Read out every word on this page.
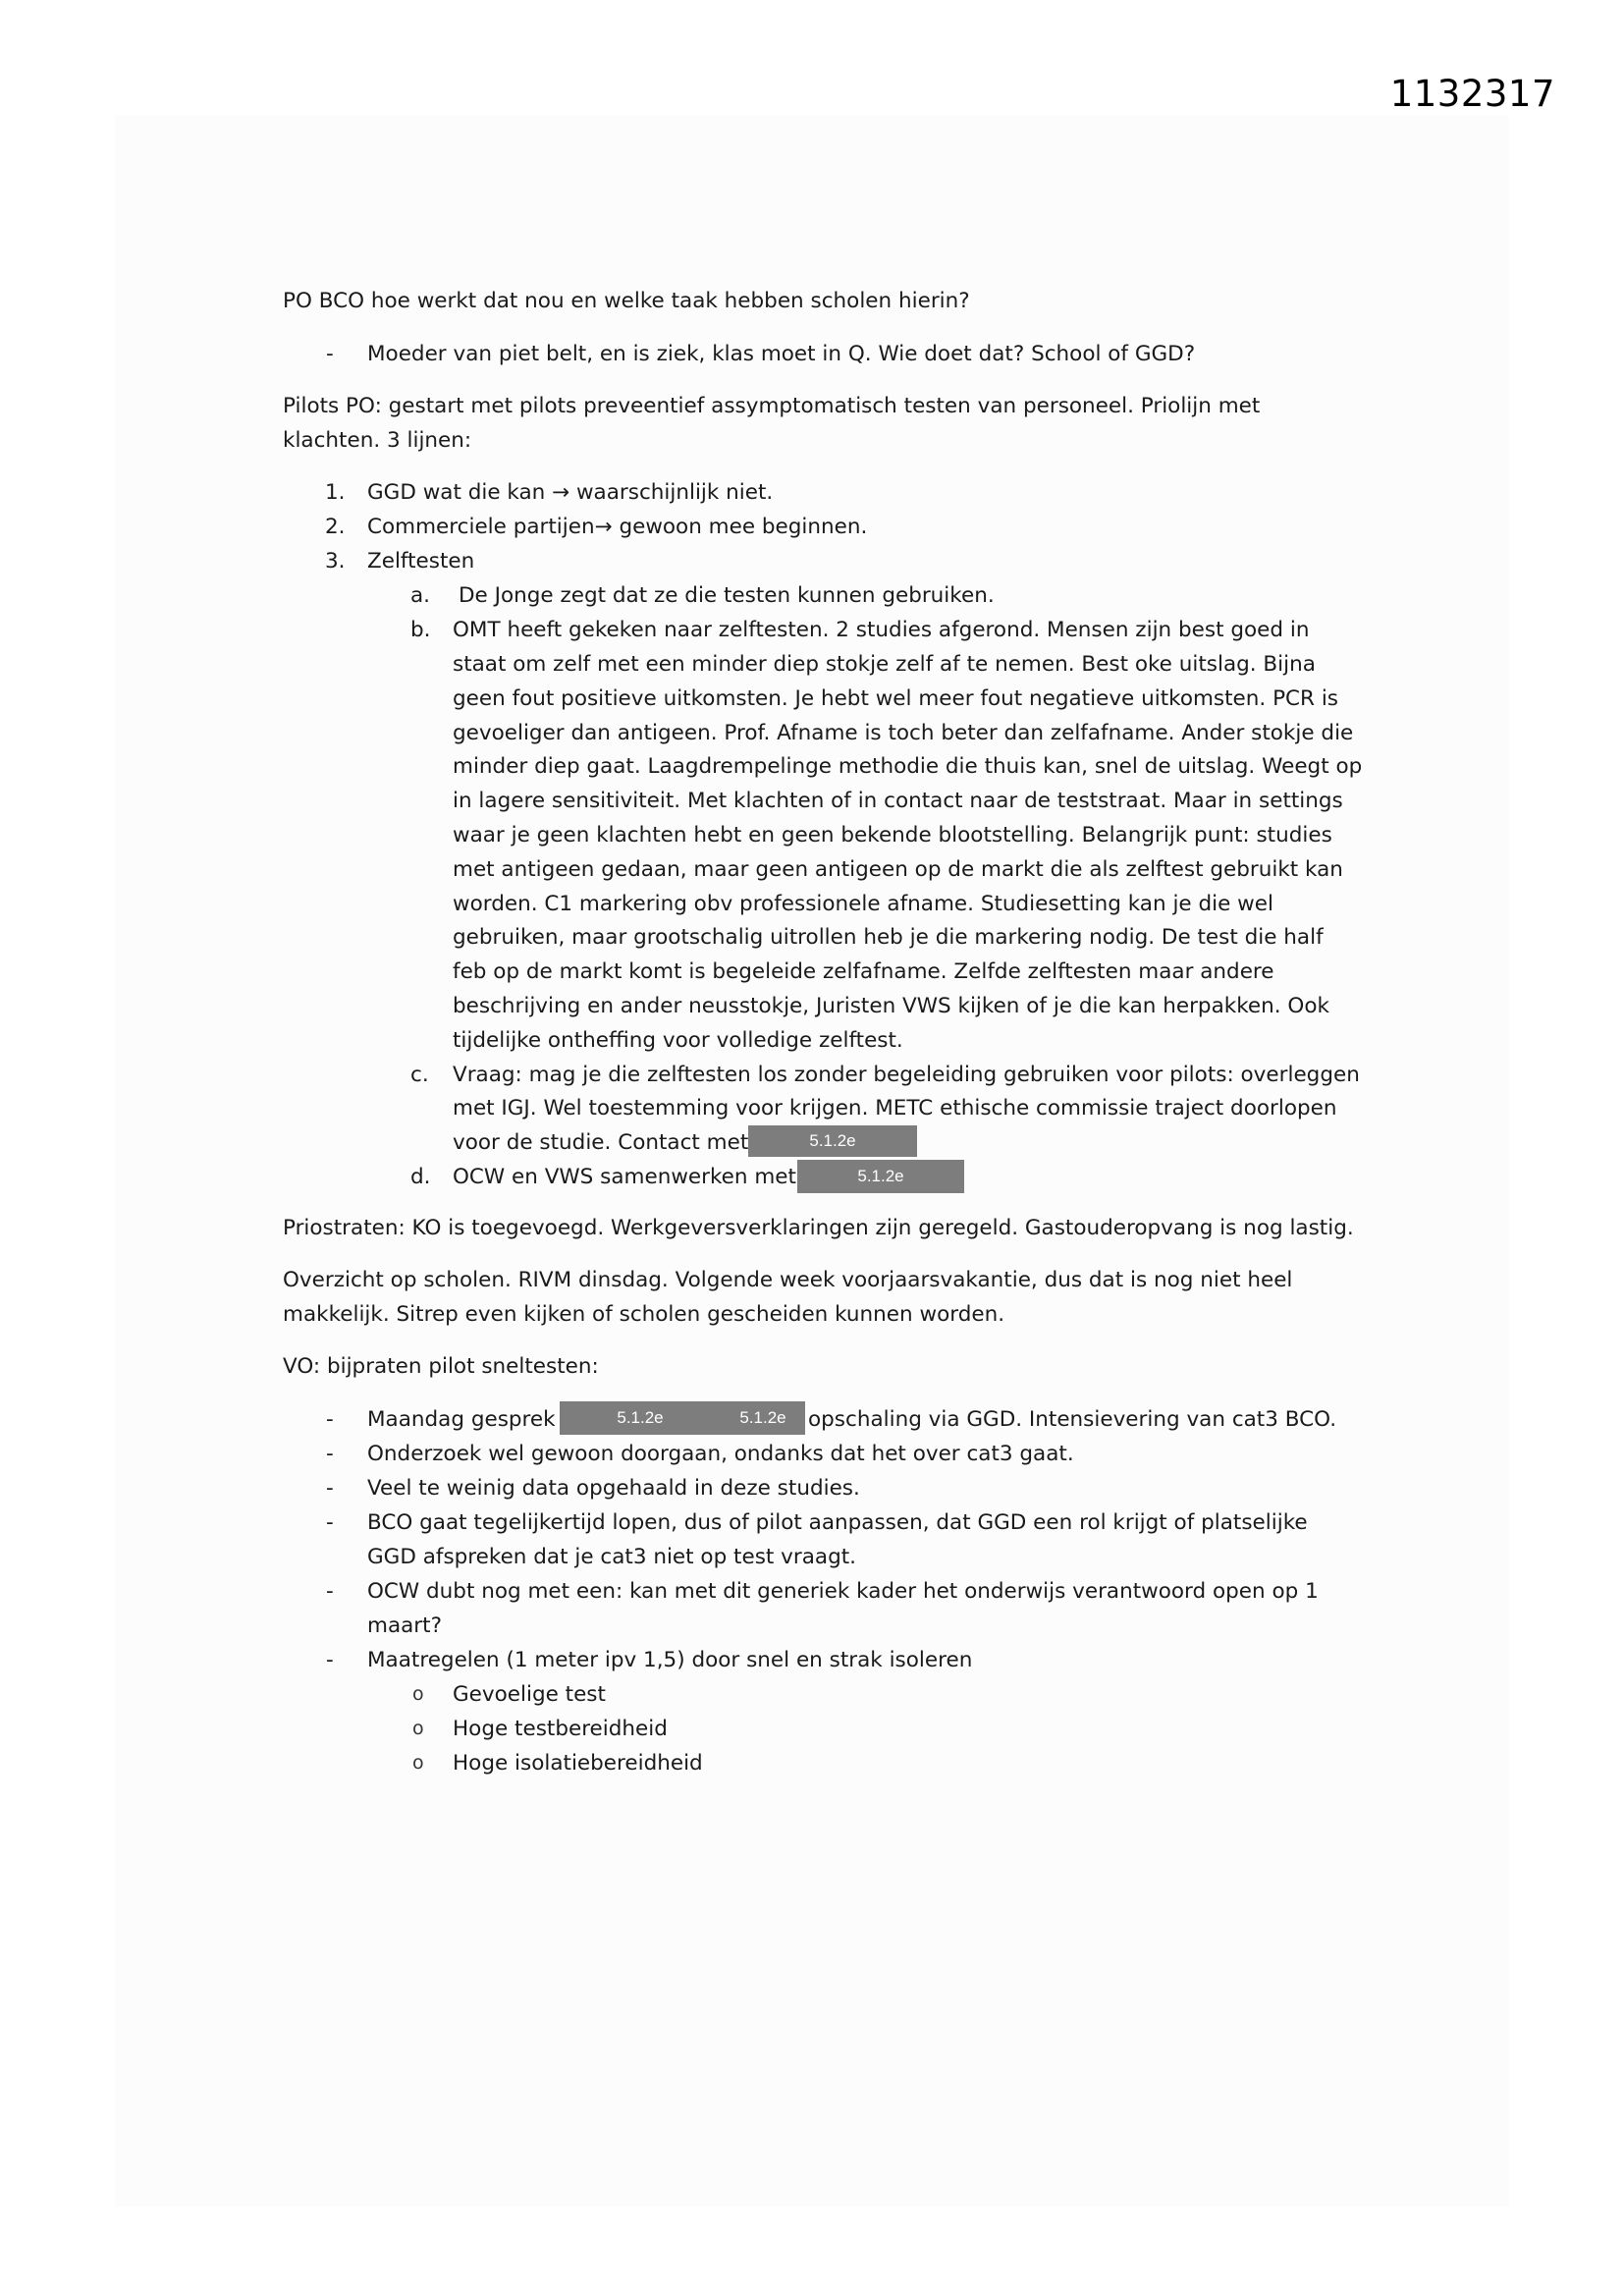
1132317
PO BCO hoe werkt dat nou en welke taak hebben scholen hierin?
- Moeder van piet belt, en is ziek, klas moet in Q. Wie doet dat? School of GGD?
Pilots PO: gestart met pilots preveentief assymptomatisch testen van personeel. Priolijn met
klachten. 3 lijnen:
1. GGD wat die kan → waarschijnlijk niet.
2. Commerciele partijen→ gewoon mee beginnen.
3. Zelftesten
a. De Jonge zegt dat ze die testen kunnen gebruiken.
b. OMT heeft gekeken naar zelftesten. 2 studies afgerond. Mensen zijn best goed in
staat om zelf met een minder diep stokje zelf af te nemen. Best oke uitslag. Bijna
geen fout positieve uitkomsten. Je hebt wel meer fout negatieve uitkomsten. PCR is
gevoeliger dan antigeen. Prof. Afname is toch beter dan zelfafname. Ander stokje die
minder diep gaat. Laagdrempelinge methodie die thuis kan, snel de uitslag. Weegt op
in lagere sensitiviteit. Met klachten of in contact naar de teststraat. Maar in settings
waar je geen klachten hebt en geen bekende blootstelling. Belangrijk punt: studies
met antigeen gedaan, maar geen antigeen op de markt die als zelftest gebruikt kan
worden. C1 markering obv professionele afname. Studiesetting kan je die wel
gebruiken, maar grootschalig uitrollen heb je die markering nodig. De test die half
feb op de markt komt is begeleide zelfafname. Zelfde zelftesten maar andere
beschrijving en ander neusstokje, Juristen VWS kijken of je die kan herpakken. Ook
tijdelijke ontheffing voor volledige zelftest.
c. Vraag: mag je die zelftesten los zonder begeleiding gebruiken voor pilots: overleggen
met IGJ. Wel toestemming voor krijgen. METC ethische commissie traject doorlopen
voor de studie. Contact met	5.1.2e
d. OCW en VWS samenwerken met	5.1.2e
Priostraten: KO is toegevoegd. Werkgeversverklaringen zijn geregeld. Gastouderopvang is nog lastig.
Overzicht op scholen. RIVM dinsdag. Volgende week voorjaarsvakantie, dus dat is nog niet heel
makkelijk. Sitrep even kijken of scholen gescheiden kunnen worden.
VO: bijpraten pilot sneltesten:
- Maandag gesprek	5.1.2e	5.1.2e	opschaling via GGD. Intensievering van cat3 BCO.
- Onderzoek wel gewoon doorgaan, ondanks dat het over cat3 gaat.
- Veel te weinig data opgehaald in deze studies.
- BCO gaat tegelijkertijd lopen, dus of pilot aanpassen, dat GGD een rol krijgt of platselijke
GGD afspreken dat je cat3 niet op test vraagt.
- OCW dubt nog met een: kan met dit generiek kader het onderwijs verantwoord open op 1
maart?
- Maatregelen (1 meter ipv 1,5) door snel en strak isoleren
o Gevoelige test
o Hoge testbereidheid
o Hoge isolatiebereidheid
